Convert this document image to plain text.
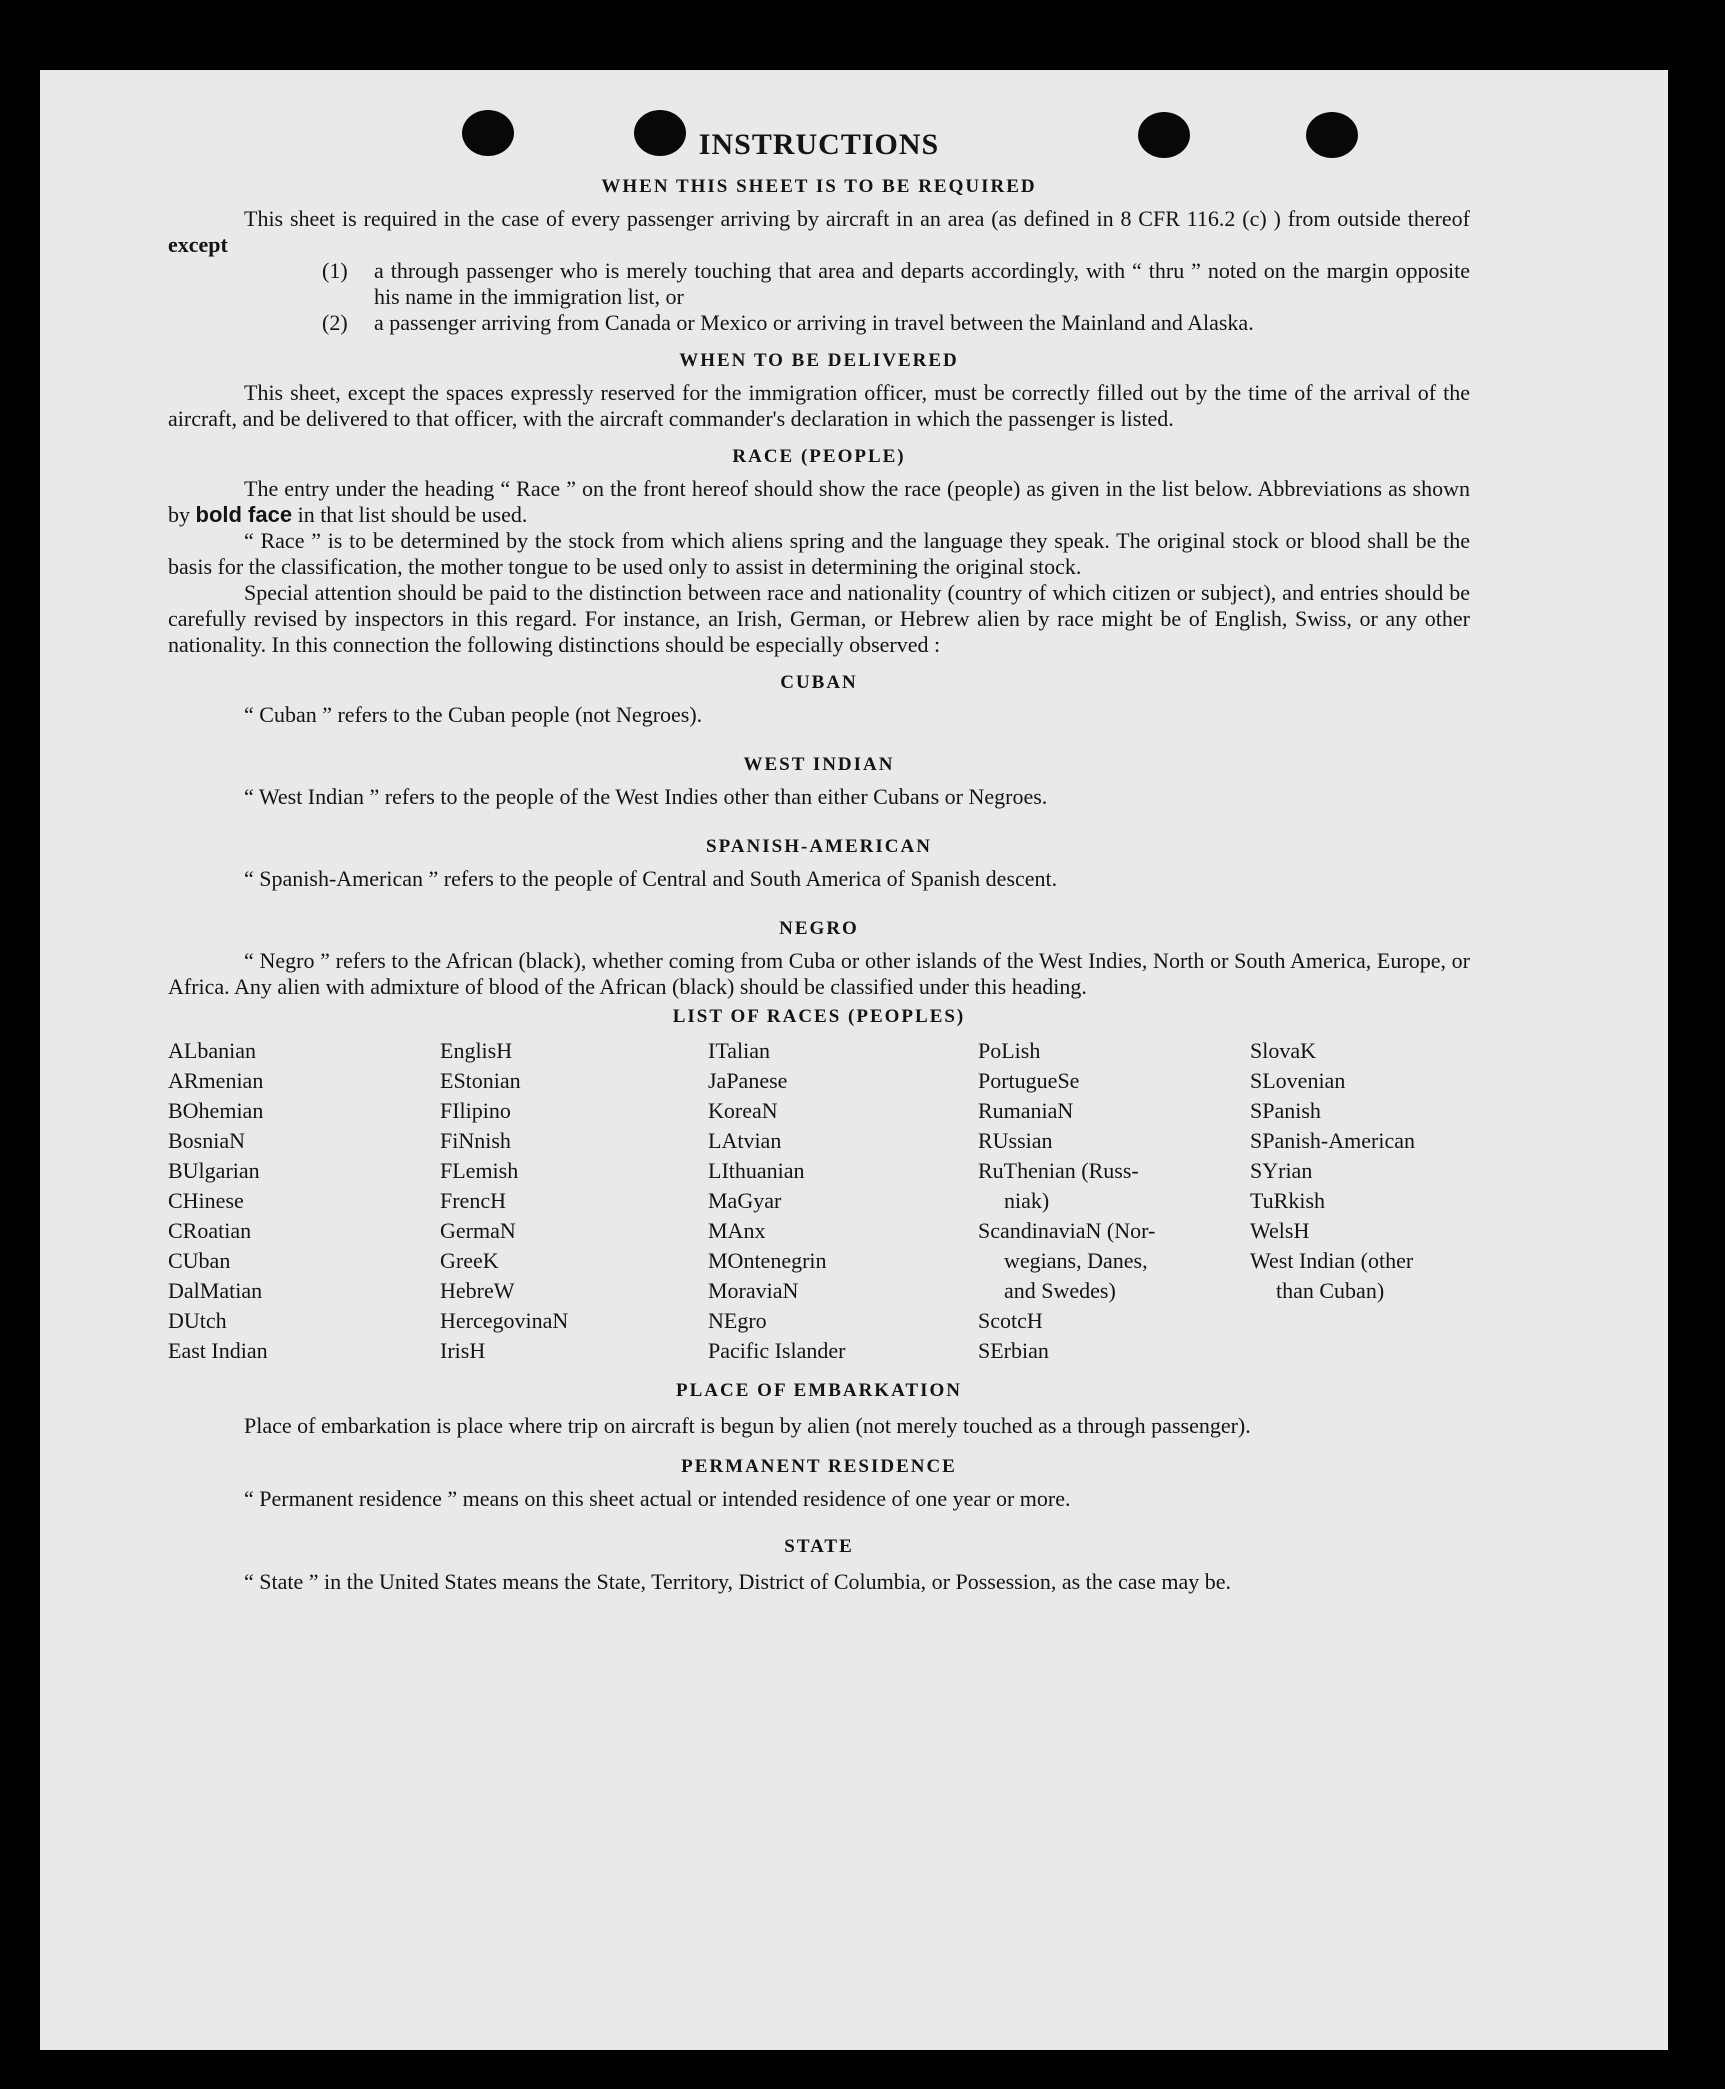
INSTRUCTIONS
WHEN THIS SHEET IS TO BE REQUIRED

This sheet is required in the case of every passenger arriving by aircraft in an area (as defined in 8 CFR 116.2 (c) ) from outside thereof except

(1)	a through passenger who is merely touching that area and departs accordingly, with “ thru ” noted on the margin opposite his name in the immigration list, or
(2)	a passenger arriving from Canada or Mexico or arriving in travel between the Mainland and Alaska.
WHEN TO BE DELIVERED

This sheet, except the spaces expressly reserved for the immigration officer, must be correctly filled out by the time of the arrival of the aircraft, and be delivered to that officer, with the aircraft commander's declaration in which the passenger is listed.

RACE (PEOPLE)

The entry under the heading “ Race ” on the front hereof should show the race (people) as given in the list below. Abbreviations as shown by bold face in that list should be used.

“ Race ” is to be determined by the stock from which aliens spring and the language they speak. The original stock or blood shall be the basis for the classification, the mother tongue to be used only to assist in determining the original stock.

Special attention should be paid to the distinction between race and nationality (country of which citizen or subject), and entries should be carefully revised by inspectors in this regard. For instance, an Irish, German, or Hebrew alien by race might be of English, Swiss, or any other nationality. In this connection the following distinctions should be especially observed :

CUBAN

“ Cuban ” refers to the Cuban people (not Negroes).

WEST INDIAN

“ West Indian ” refers to the people of the West Indies other than either Cubans or Negroes.

SPANISH-AMERICAN

“ Spanish-American ” refers to the people of Central and South America of Spanish descent.

NEGRO

“ Negro ” refers to the African (black), whether coming from Cuba or other islands of the West Indies, North or South America, Europe, or Africa. Any alien with admixture of blood of the African (black) should be classified under this heading.

LIST OF RACES (PEOPLES)
ALbanian
ARmenian
BOhemian
BosniaN
BUlgarian
CHinese
CRoatian
CUban
DalMatian
DUtch
East Indian
EnglisH
EStonian
FIlipino
FiNnish
FLemish
FrencH
GermaN
GreeK
HebreW
HercegovinaN
IrisH
ITalian
JaPanese
KoreaN
LAtvian
LIthuanian
MaGyar
MAnx
MOntenegrin
MoraviaN
NEgro
Pacific Islander
PoLish
PortugueSe
RumaniaN
RUssian
RuThenian (Russ-
niak)
ScandinaviaN (Nor-
wegians, Danes,
and Swedes)
ScotcH
SErbian
SlovaK
SLovenian
SPanish
SPanish-American
SYrian
TuRkish
WelsH
West Indian (other
than Cuban)
PLACE OF EMBARKATION

Place of embarkation is place where trip on aircraft is begun by alien (not merely touched as a through passenger).

PERMANENT RESIDENCE

“ Permanent residence ” means on this sheet actual or intended residence of one year or more.

STATE

“ State ” in the United States means the State, Territory, District of Columbia, or Possession, as the case may be.
